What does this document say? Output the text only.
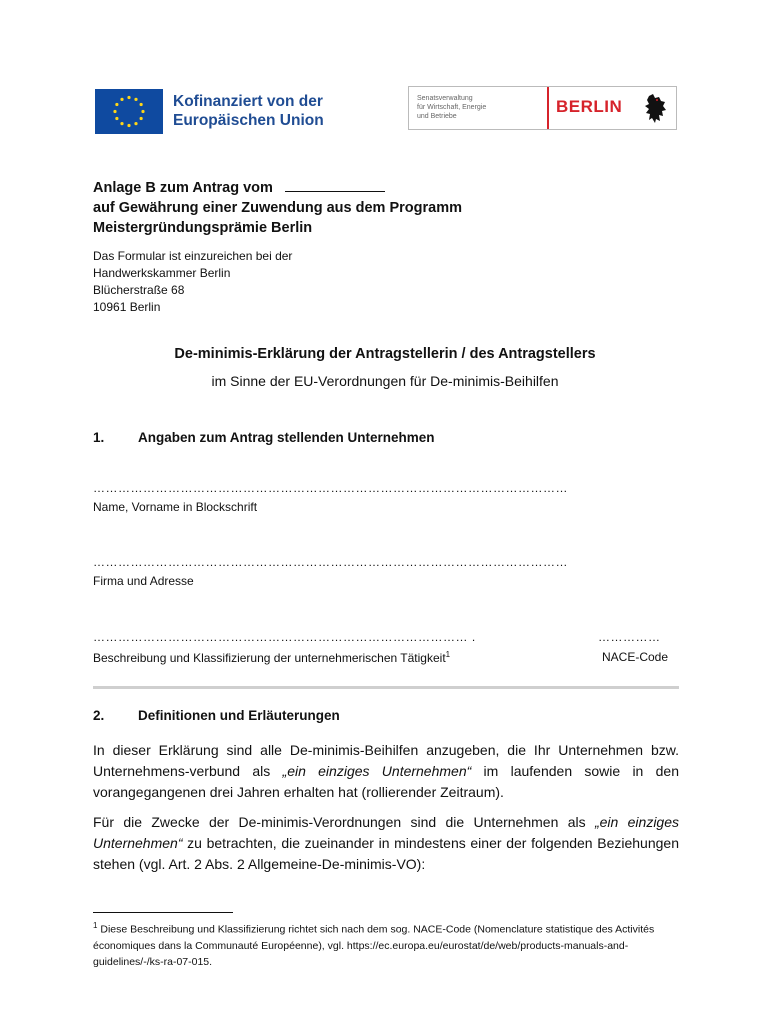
Kofinanziert von der
Europäischen Union
Senatsverwaltung
für Wirtschaft, Energie
und Betriebe
BERLIN
Anlage B zum Antrag vom
auf Gewährung einer Zuwendung aus dem Programm
Meistergründungsprämie Berlin
Das Formular ist einzureichen bei der
Handwerkskammer Berlin
Blücherstraße 68
10961 Berlin
De-minimis-Erklärung der Antragstellerin / des Antragstellers
im Sinne der EU-Verordnungen für De-minimis-Beihilfen
1. Angaben zum Antrag stellenden Unternehmen
……………………………………………………………………………………………………
Name, Vorname in Blockschrift
……………………………………………………………………………………………………
Firma und Adresse
……………………………………………………………………………… .	……………
Beschreibung und Klassifizierung der unternehmerischen Tätigkeit$^1$	NACE-Code
2. Definitionen und Erläuterungen
In dieser Erklärung sind alle De-minimis-Beihilfen anzugeben, die Ihr Unternehmen bzw. Unternehmens-verbund als „ein einziges Unternehmen“ im laufenden sowie in den vorangegangenen drei Jahren erhalten hat (rollierender Zeitraum).
Für die Zwecke der De-minimis-Verordnungen sind die Unternehmen als „ein einziges Unternehmen“ zu betrachten, die zueinander in mindestens einer der folgenden Beziehungen stehen (vgl. Art. 2 Abs. 2 Allgemeine-De-minimis-VO):
$^1$ Diese Beschreibung und Klassifizierung richtet sich nach dem sog. NACE-Code (Nomenclature statistique des Activités économiques dans la Communauté Européenne), vgl. https://ec.europa.eu/eurostat/de/web/products-manuals-and-guidelines/-/ks-ra-07-015.
